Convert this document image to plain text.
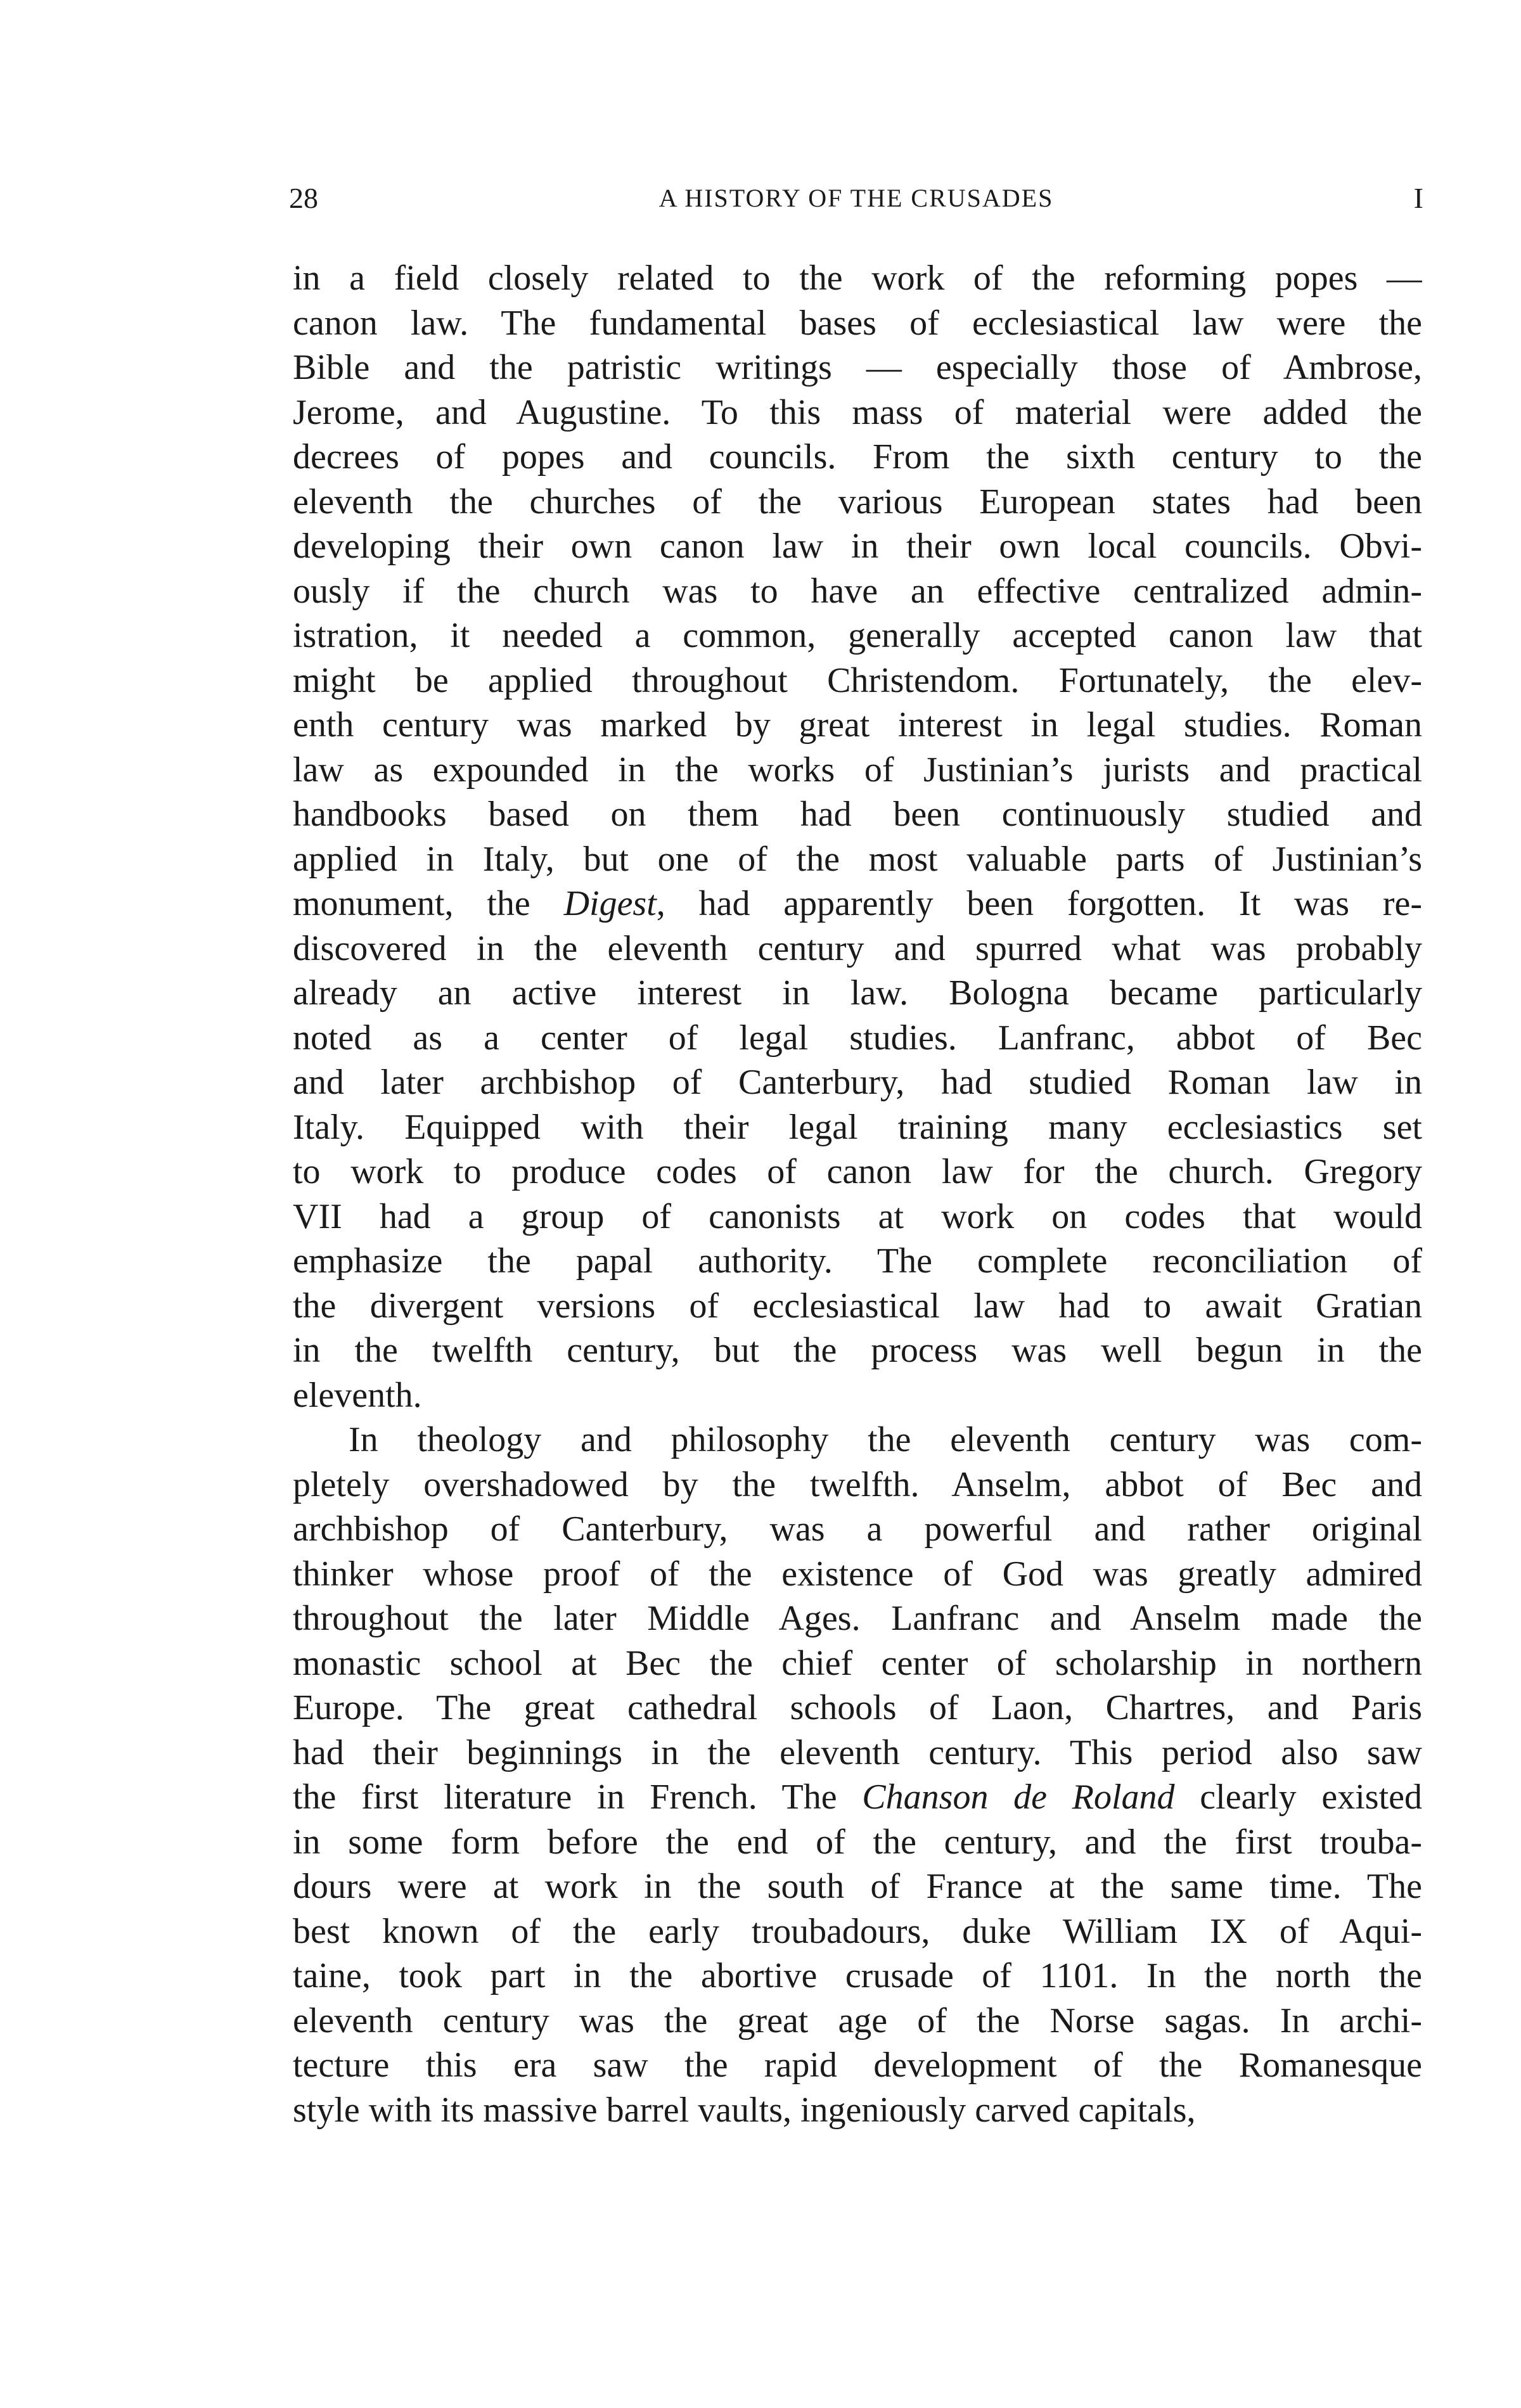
28	A HISTORY OF THE CRUSADES	I
in a field closely related to the work of the reforming popes —
canon law. The fundamental bases of ecclesiastical law were the
Bible and the patristic writings — especially those of Ambrose,
Jerome, and Augustine. To this mass of material were added the
decrees of popes and councils. From the sixth century to the
eleventh the churches of the various European states had been
developing their own canon law in their own local councils. Obvi-
ously if the church was to have an effective centralized admin-
istration, it needed a common, generally accepted canon law that
might be applied throughout Christendom. Fortunately, the elev-
enth century was marked by great interest in legal studies. Roman
law as expounded in the works of Justinian’s jurists and practical
handbooks based on them had been continuously studied and
applied in Italy, but one of the most valuable parts of Justinian’s
monument, the Digest, had apparently been forgotten. It was re-
discovered in the eleventh century and spurred what was probably
already an active interest in law. Bologna became particularly
noted as a center of legal studies. Lanfranc, abbot of Bec
and later archbishop of Canterbury, had studied Roman law in
Italy. Equipped with their legal training many ecclesiastics set
to work to produce codes of canon law for the church. Gregory
VII had a group of canonists at work on codes that would
emphasize the papal authority. The complete reconciliation of
the divergent versions of ecclesiastical law had to await Gratian
in the twelfth century, but the process was well begun in the
eleventh.
In theology and philosophy the eleventh century was com-
pletely overshadowed by the twelfth. Anselm, abbot of Bec and
archbishop of Canterbury, was a powerful and rather original
thinker whose proof of the existence of God was greatly admired
throughout the later Middle Ages. Lanfranc and Anselm made the
monastic school at Bec the chief center of scholarship in northern
Europe. The great cathedral schools of Laon, Chartres, and Paris
had their beginnings in the eleventh century. This period also saw
the first literature in French. The Chanson de Roland clearly existed
in some form before the end of the century, and the first trouba-
dours were at work in the south of France at the same time. The
best known of the early troubadours, duke William IX of Aqui-
taine, took part in the abortive crusade of 1101. In the north the
eleventh century was the great age of the Norse sagas. In archi-
tecture this era saw the rapid development of the Romanesque
style with its massive barrel vaults, ingeniously carved capitals,
